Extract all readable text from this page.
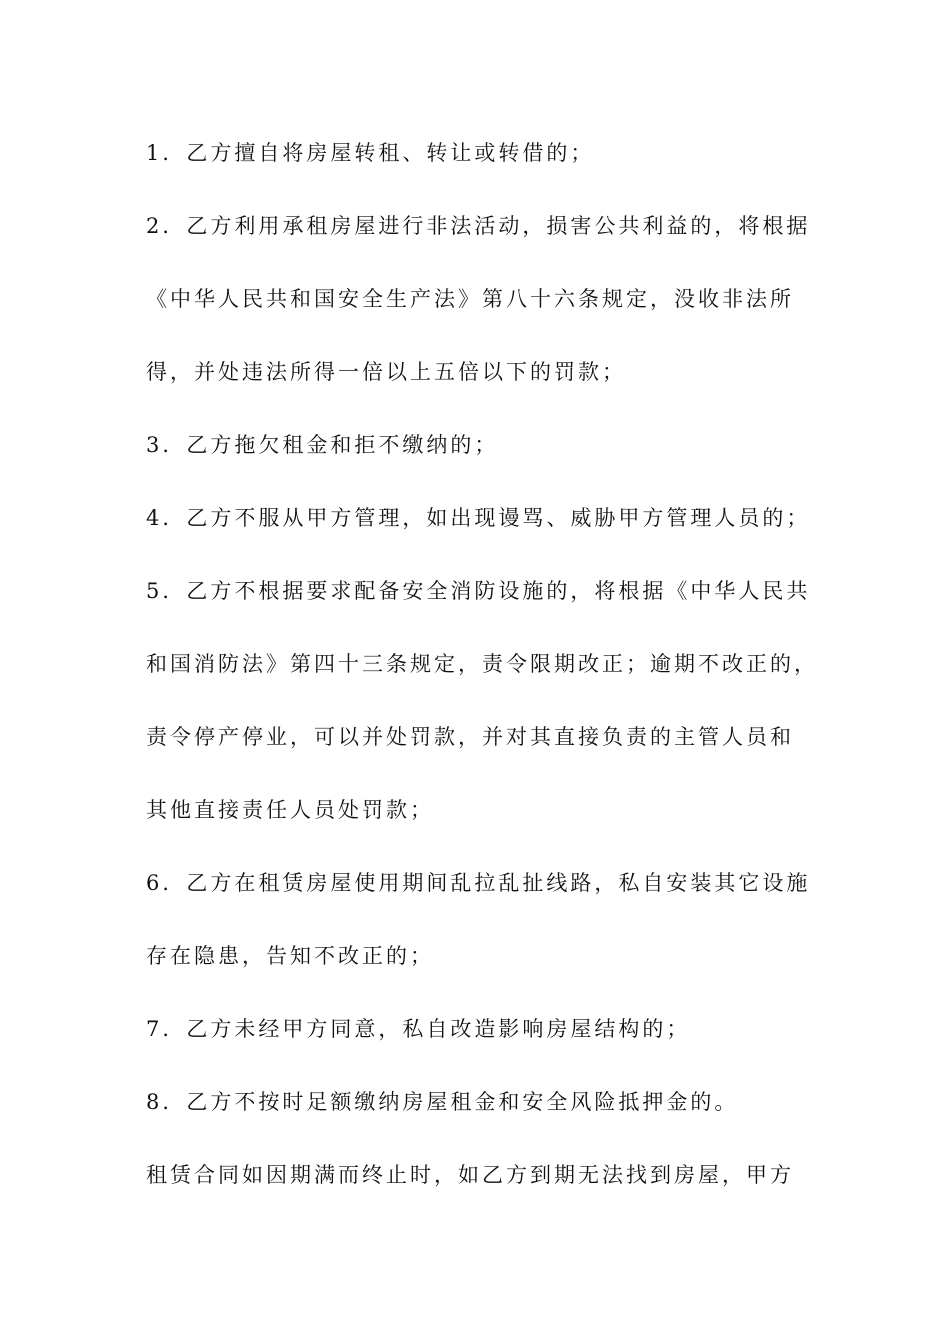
1．乙方擅自将房屋转租、转让或转借的；
2．乙方利用承租房屋进行非法活动，损害公共利益的，将根据
《中华人民共和国安全生产法》第八十六条规定，没收非法所
得，并处违法所得一倍以上五倍以下的罚款；
3．乙方拖欠租金和拒不缴纳的；
4．乙方不服从甲方管理，如出现谩骂、威胁甲方管理人员的；
5．乙方不根据要求配备安全消防设施的，将根据《中华人民共
和国消防法》第四十三条规定，责令限期改正；逾期不改正的，
责令停产停业，可以并处罚款，并对其直接负责的主管人员和
其他直接责任人员处罚款；
6．乙方在租赁房屋使用期间乱拉乱扯线路，私自安装其它设施
存在隐患，告知不改正的；
7．乙方未经甲方同意，私自改造影响房屋结构的；
8．乙方不按时足额缴纳房屋租金和安全风险抵押金的。
租赁合同如因期满而终止时，如乙方到期无法找到房屋，甲方
